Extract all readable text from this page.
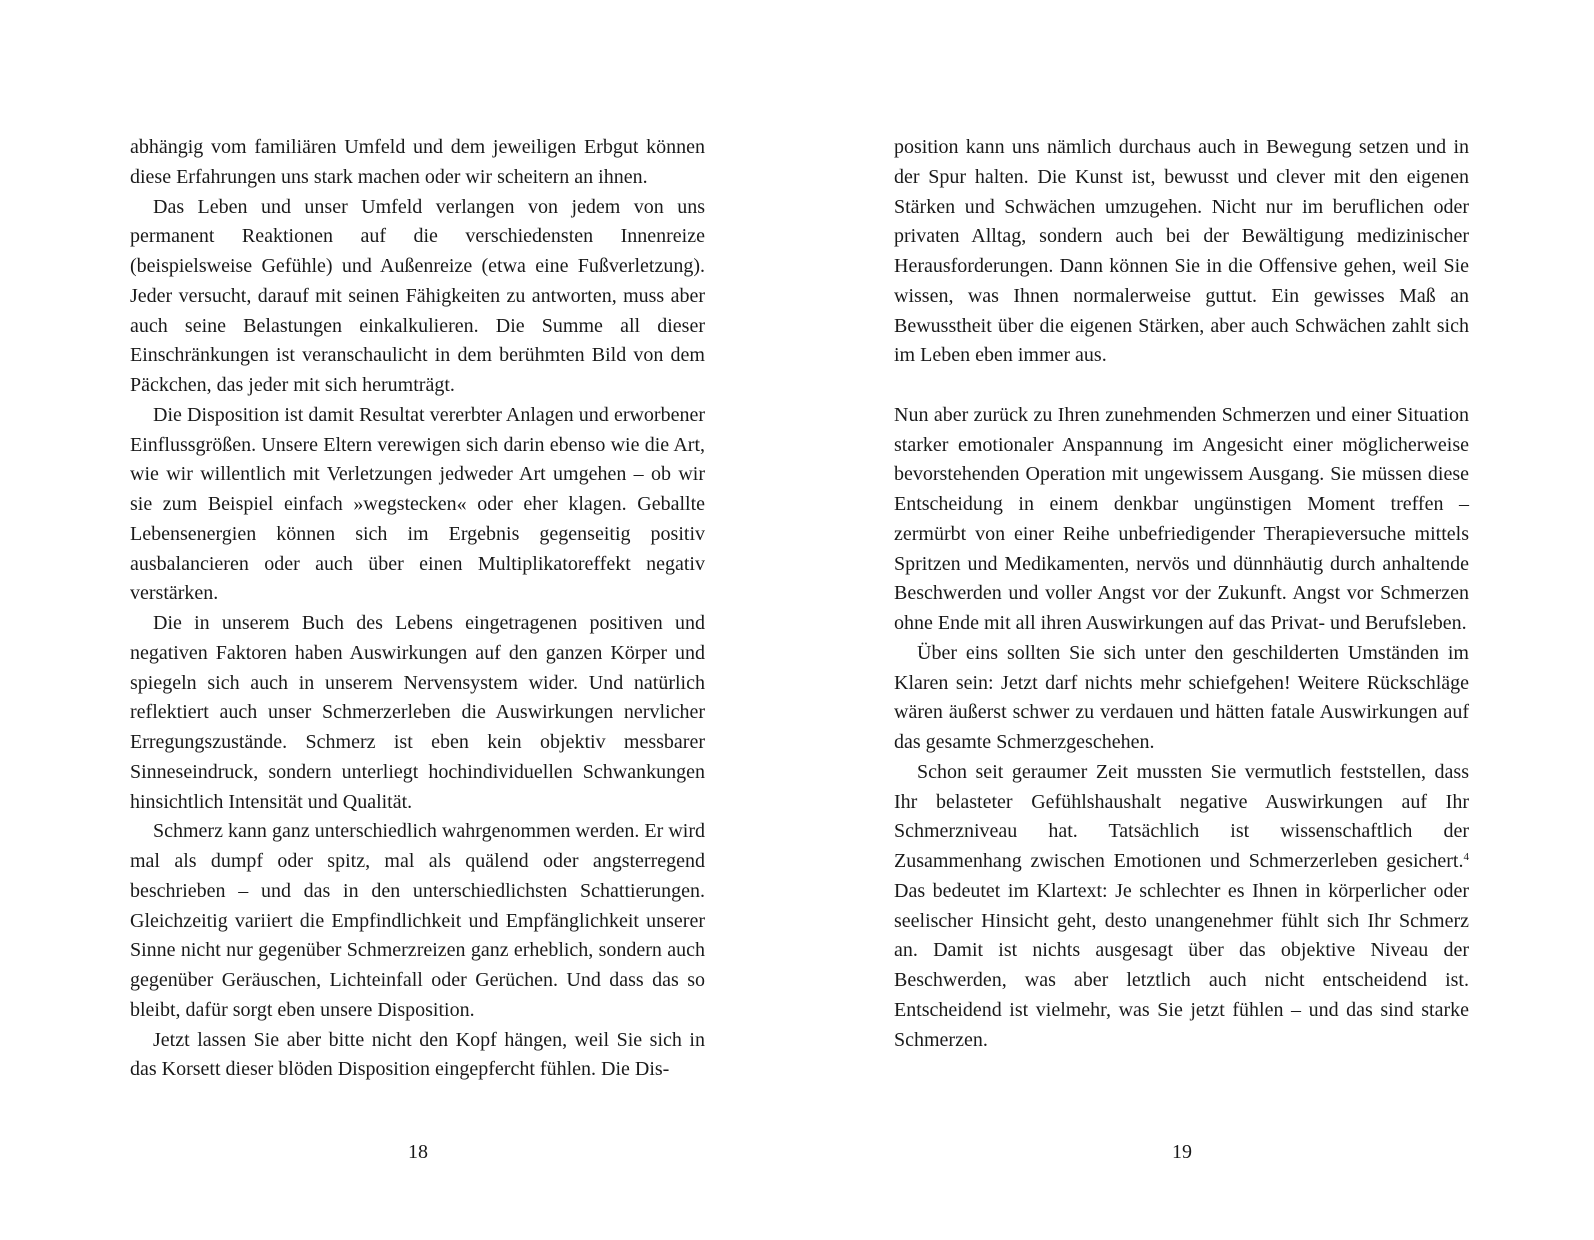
abhängig vom familiären Umfeld und dem jeweiligen Erbgut können diese Erfahrungen uns stark machen oder wir scheitern an ihnen.

Das Leben und unser Umfeld verlangen von jedem von uns permanent Reaktionen auf die verschiedensten Innenreize (beispielsweise Gefühle) und Außenreize (etwa eine Fußverletzung). Jeder versucht, darauf mit seinen Fähigkeiten zu antworten, muss aber auch seine Belastungen einkalkulieren. Die Summe all dieser Einschränkungen ist veranschaulicht in dem berühmten Bild von dem Päckchen, das jeder mit sich herumträgt.

Die Disposition ist damit Resultat vererbter Anlagen und erworbener Einflussgrößen. Unsere Eltern verewigen sich darin ebenso wie die Art, wie wir willentlich mit Verletzungen jedweder Art umgehen – ob wir sie zum Beispiel einfach »wegstecken« oder eher klagen. Geballte Lebensenergien können sich im Ergebnis gegenseitig positiv ausbalancieren oder auch über einen Multiplikatoreffekt negativ verstärken.

Die in unserem Buch des Lebens eingetragenen positiven und negativen Faktoren haben Auswirkungen auf den ganzen Körper und spiegeln sich auch in unserem Nervensystem wider. Und natürlich reflektiert auch unser Schmerzerleben die Auswirkungen nervlicher Erregungszustände. Schmerz ist eben kein objektiv messbarer Sinneseindruck, sondern unterliegt hochindividuellen Schwankungen hinsichtlich Intensität und Qualität.

Schmerz kann ganz unterschiedlich wahrgenommen werden. Er wird mal als dumpf oder spitz, mal als quälend oder angsterregend beschrieben – und das in den unterschiedlichsten Schattierungen. Gleichzeitig variiert die Empfindlichkeit und Empfänglichkeit unserer Sinne nicht nur gegenüber Schmerzreizen ganz erheblich, sondern auch gegenüber Geräuschen, Lichteinfall oder Gerüchen. Und dass das so bleibt, dafür sorgt eben unsere Disposition.

Jetzt lassen Sie aber bitte nicht den Kopf hängen, weil Sie sich in das Korsett dieser blöden Disposition eingepfercht fühlen. Die Dis-

position kann uns nämlich durchaus auch in Bewegung setzen und in der Spur halten. Die Kunst ist, bewusst und clever mit den eigenen Stärken und Schwächen umzugehen. Nicht nur im beruflichen oder privaten Alltag, sondern auch bei der Bewältigung medizinischer Herausforderungen. Dann können Sie in die Offensive gehen, weil Sie wissen, was Ihnen normalerweise guttut. Ein gewisses Maß an Bewusstheit über die eigenen Stärken, aber auch Schwächen zahlt sich im Leben eben immer aus.

Nun aber zurück zu Ihren zunehmenden Schmerzen und einer Situation starker emotionaler Anspannung im Angesicht einer möglicherweise bevorstehenden Operation mit ungewissem Ausgang. Sie müssen diese Entscheidung in einem denkbar ungünstigen Moment treffen – zermürbt von einer Reihe unbefriedigender Therapieversuche mittels Spritzen und Medikamenten, nervös und dünnhäutig durch anhaltende Beschwerden und voller Angst vor der Zukunft. Angst vor Schmerzen ohne Ende mit all ihren Auswirkungen auf das Privat- und Berufsleben.

Über eins sollten Sie sich unter den geschilderten Umständen im Klaren sein: Jetzt darf nichts mehr schiefgehen! Weitere Rückschläge wären äußerst schwer zu verdauen und hätten fatale Auswirkungen auf das gesamte Schmerzgeschehen.

Schon seit geraumer Zeit mussten Sie vermutlich feststellen, dass Ihr belasteter Gefühlshaushalt negative Auswirkungen auf Ihr Schmerzniveau hat. Tatsächlich ist wissenschaftlich der Zusammenhang zwischen Emotionen und Schmerzerleben gesichert.$^4$ Das bedeutet im Klartext: Je schlechter es Ihnen in körperlicher oder seelischer Hinsicht geht, desto unangenehmer fühlt sich Ihr Schmerz an. Damit ist nichts ausgesagt über das objektive Niveau der Beschwerden, was aber letztlich auch nicht entscheidend ist. Entscheidend ist vielmehr, was Sie jetzt fühlen – und das sind starke Schmerzen.

18	19
